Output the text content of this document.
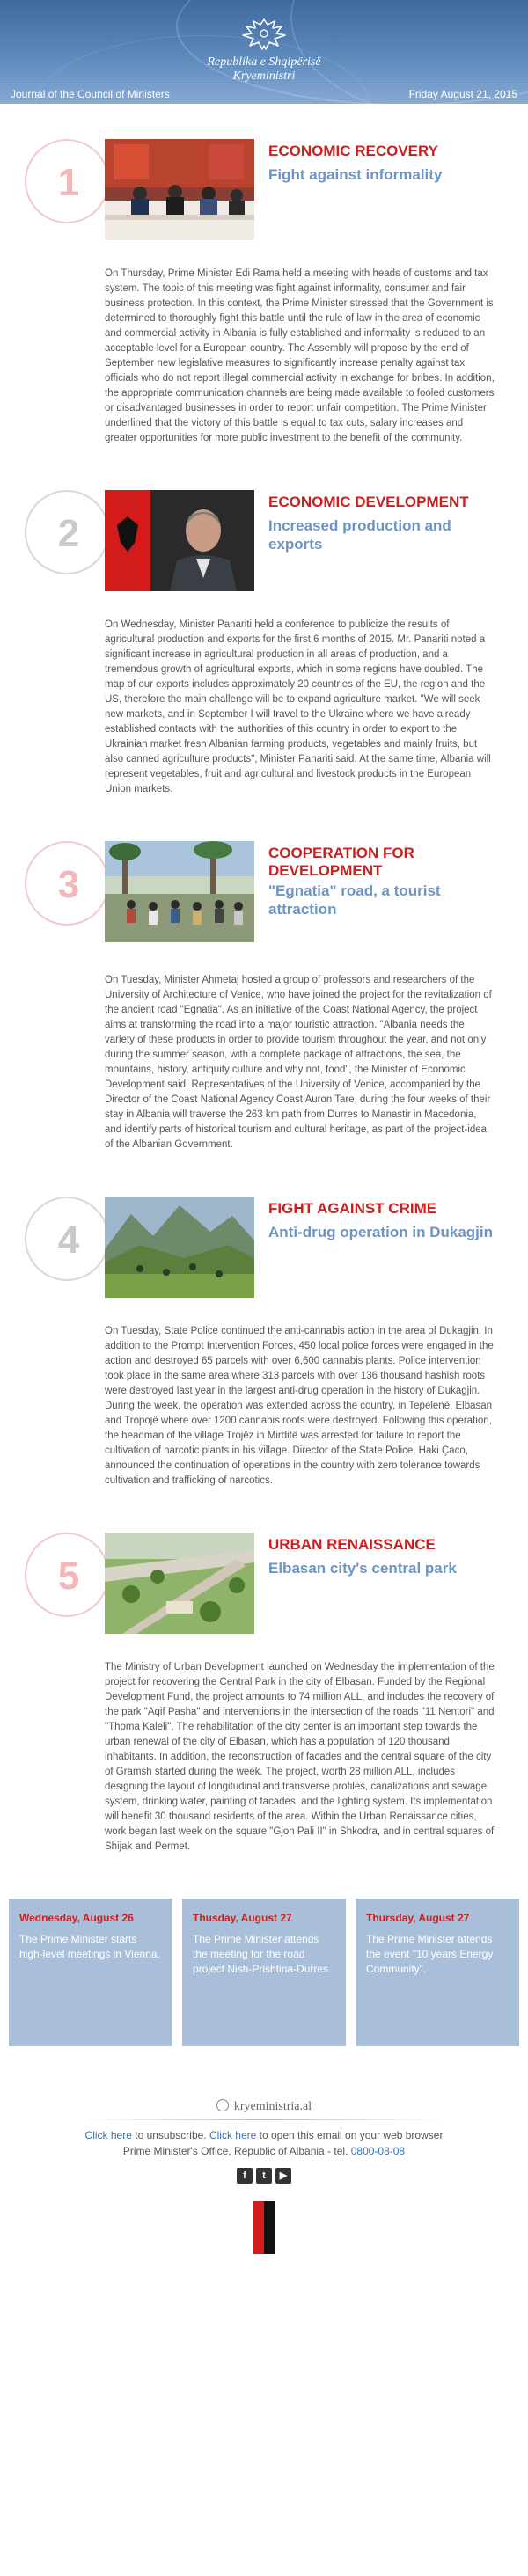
Republika e Shqipërisë
Kryeministri
Journal of the Council of Ministers	Friday August 21, 2015
1
ECONOMIC RECOVERY
Fight against informality

On Thursday, Prime Minister Edi Rama held a meeting with heads of customs and tax system. The topic of this meeting was fight against informality, consumer and fair business protection. In this context, the Prime Minister stressed that the Government is determined to thoroughly fight this battle until the rule of law in the area of economic and commercial activity in Albania is fully established and informality is reduced to an acceptable level for a European country. The Assembly will propose by the end of September new legislative measures to significantly increase penalty against tax officials who do not report illegal commercial activity in exchange for bribes. In addition, the appropriate communication channels are being made available to fooled customers or disadvantaged businesses in order to report unfair competition. The Prime Minister underlined that the victory of this battle is equal to tax cuts, salary increases and greater opportunities for more public investment to the benefit of the community.

2
ECONOMIC DEVELOPMENT
Increased production and exports

On Wednesday, Minister Panariti held a conference to publicize the results of agricultural production and exports for the first 6 months of 2015. Mr. Panariti noted a significant increase in agricultural production in all areas of production, and a tremendous growth of agricultural exports, which in some regions have doubled. The map of our exports includes approximately 20 countries of the EU, the region and the US, therefore the main challenge will be to expand agriculture market. "We will seek new markets, and in September I will travel to the Ukraine where we have already established contacts with the authorities of this country in order to export to the Ukrainian market fresh Albanian farming products, vegetables and mainly fruits, but also canned agriculture products", Minister Panariti said. At the same time, Albania will represent vegetables, fruit and agricultural and livestock products in the European Union markets.

3
COOPERATION FOR DEVELOPMENT
"Egnatia" road, a tourist attraction

On Tuesday, Minister Ahmetaj hosted a group of professors and researchers of the University of Architecture of Venice, who have joined the project for the revitalization of the ancient road "Egnatia". As an initiative of the Coast National Agency, the project aims at transforming the road into a major touristic attraction. "Albania needs the variety of these products in order to provide tourism throughout the year, and not only during the summer season, with a complete package of attractions, the sea, the mountains, history, antiquity culture and why not, food", the Minister of Economic Development said. Representatives of the University of Venice, accompanied by the Director of the Coast National Agency Coast Auron Tare, during the four weeks of their stay in Albania will traverse the 263 km path from Durres to Manastir in Macedonia, and identify parts of historical tourism and cultural heritage, as part of the project-idea of the Albanian Government.

4
FIGHT AGAINST CRIME
Anti-drug operation in Dukagjin

On Tuesday, State Police continued the anti-cannabis action in the area of Dukagjin. In addition to the Prompt Intervention Forces, 450 local police forces were engaged in the action and destroyed 65 parcels with over 6,600 cannabis plants. Police intervention took place in the same area where 313 parcels with over 136 thousand hashish roots were destroyed last year in the largest anti-drug operation in the history of Dukagjin. During the week, the operation was extended across the country, in Tepelenë, Elbasan and Tropojë where over 1200 cannabis roots were destroyed. Following this operation, the headman of the village Trojëz in Mirditë was arrested for failure to report the cultivation of narcotic plants in his village. Director of the State Police, Haki Çaco, announced the continuation of operations in the country with zero tolerance towards cultivation and trafficking of narcotics.

5
URBAN RENAISSANCE
Elbasan city's central park

The Ministry of Urban Development launched on Wednesday the implementation of the project for recovering the Central Park in the city of Elbasan. Funded by the Regional Development Fund, the project amounts to 74 million ALL, and includes the recovery of the park "Aqif Pasha" and interventions in the intersection of the roads "11 Nentori" and "Thoma Kaleli". The rehabilitation of the city center is an important step towards the urban renewal of the city of Elbasan, which has a population of 120 thousand inhabitants. In addition, the reconstruction of facades and the central square of the city of Gramsh started during the week. The project, worth 28 million ALL, includes designing the layout of longitudinal and transverse profiles, canalizations and sewage system, drinking water, painting of facades, and the lighting system. Its implementation will benefit 30 thousand residents of the area. Within the Urban Renaissance cities, work began last week on the square "Gjon Pali II" in Shkodra, and in central squares of Shijak and Permet.

Wednesday, August 26
The Prime Minister starts high-level meetings in Vienna.
Thusday, August 27
The Prime Minister attends the meeting for the road project Nish-Prishtina-Durres.
Thursday, August 27
The Prime Minister attends the event "10 years Energy Community".
kryeministria.al
Click here to unsubscribe. Click here to open this email on your web browser
Prime Minister's Office, Republic of Albania - tel. 0800-08-08
f	t	▶
